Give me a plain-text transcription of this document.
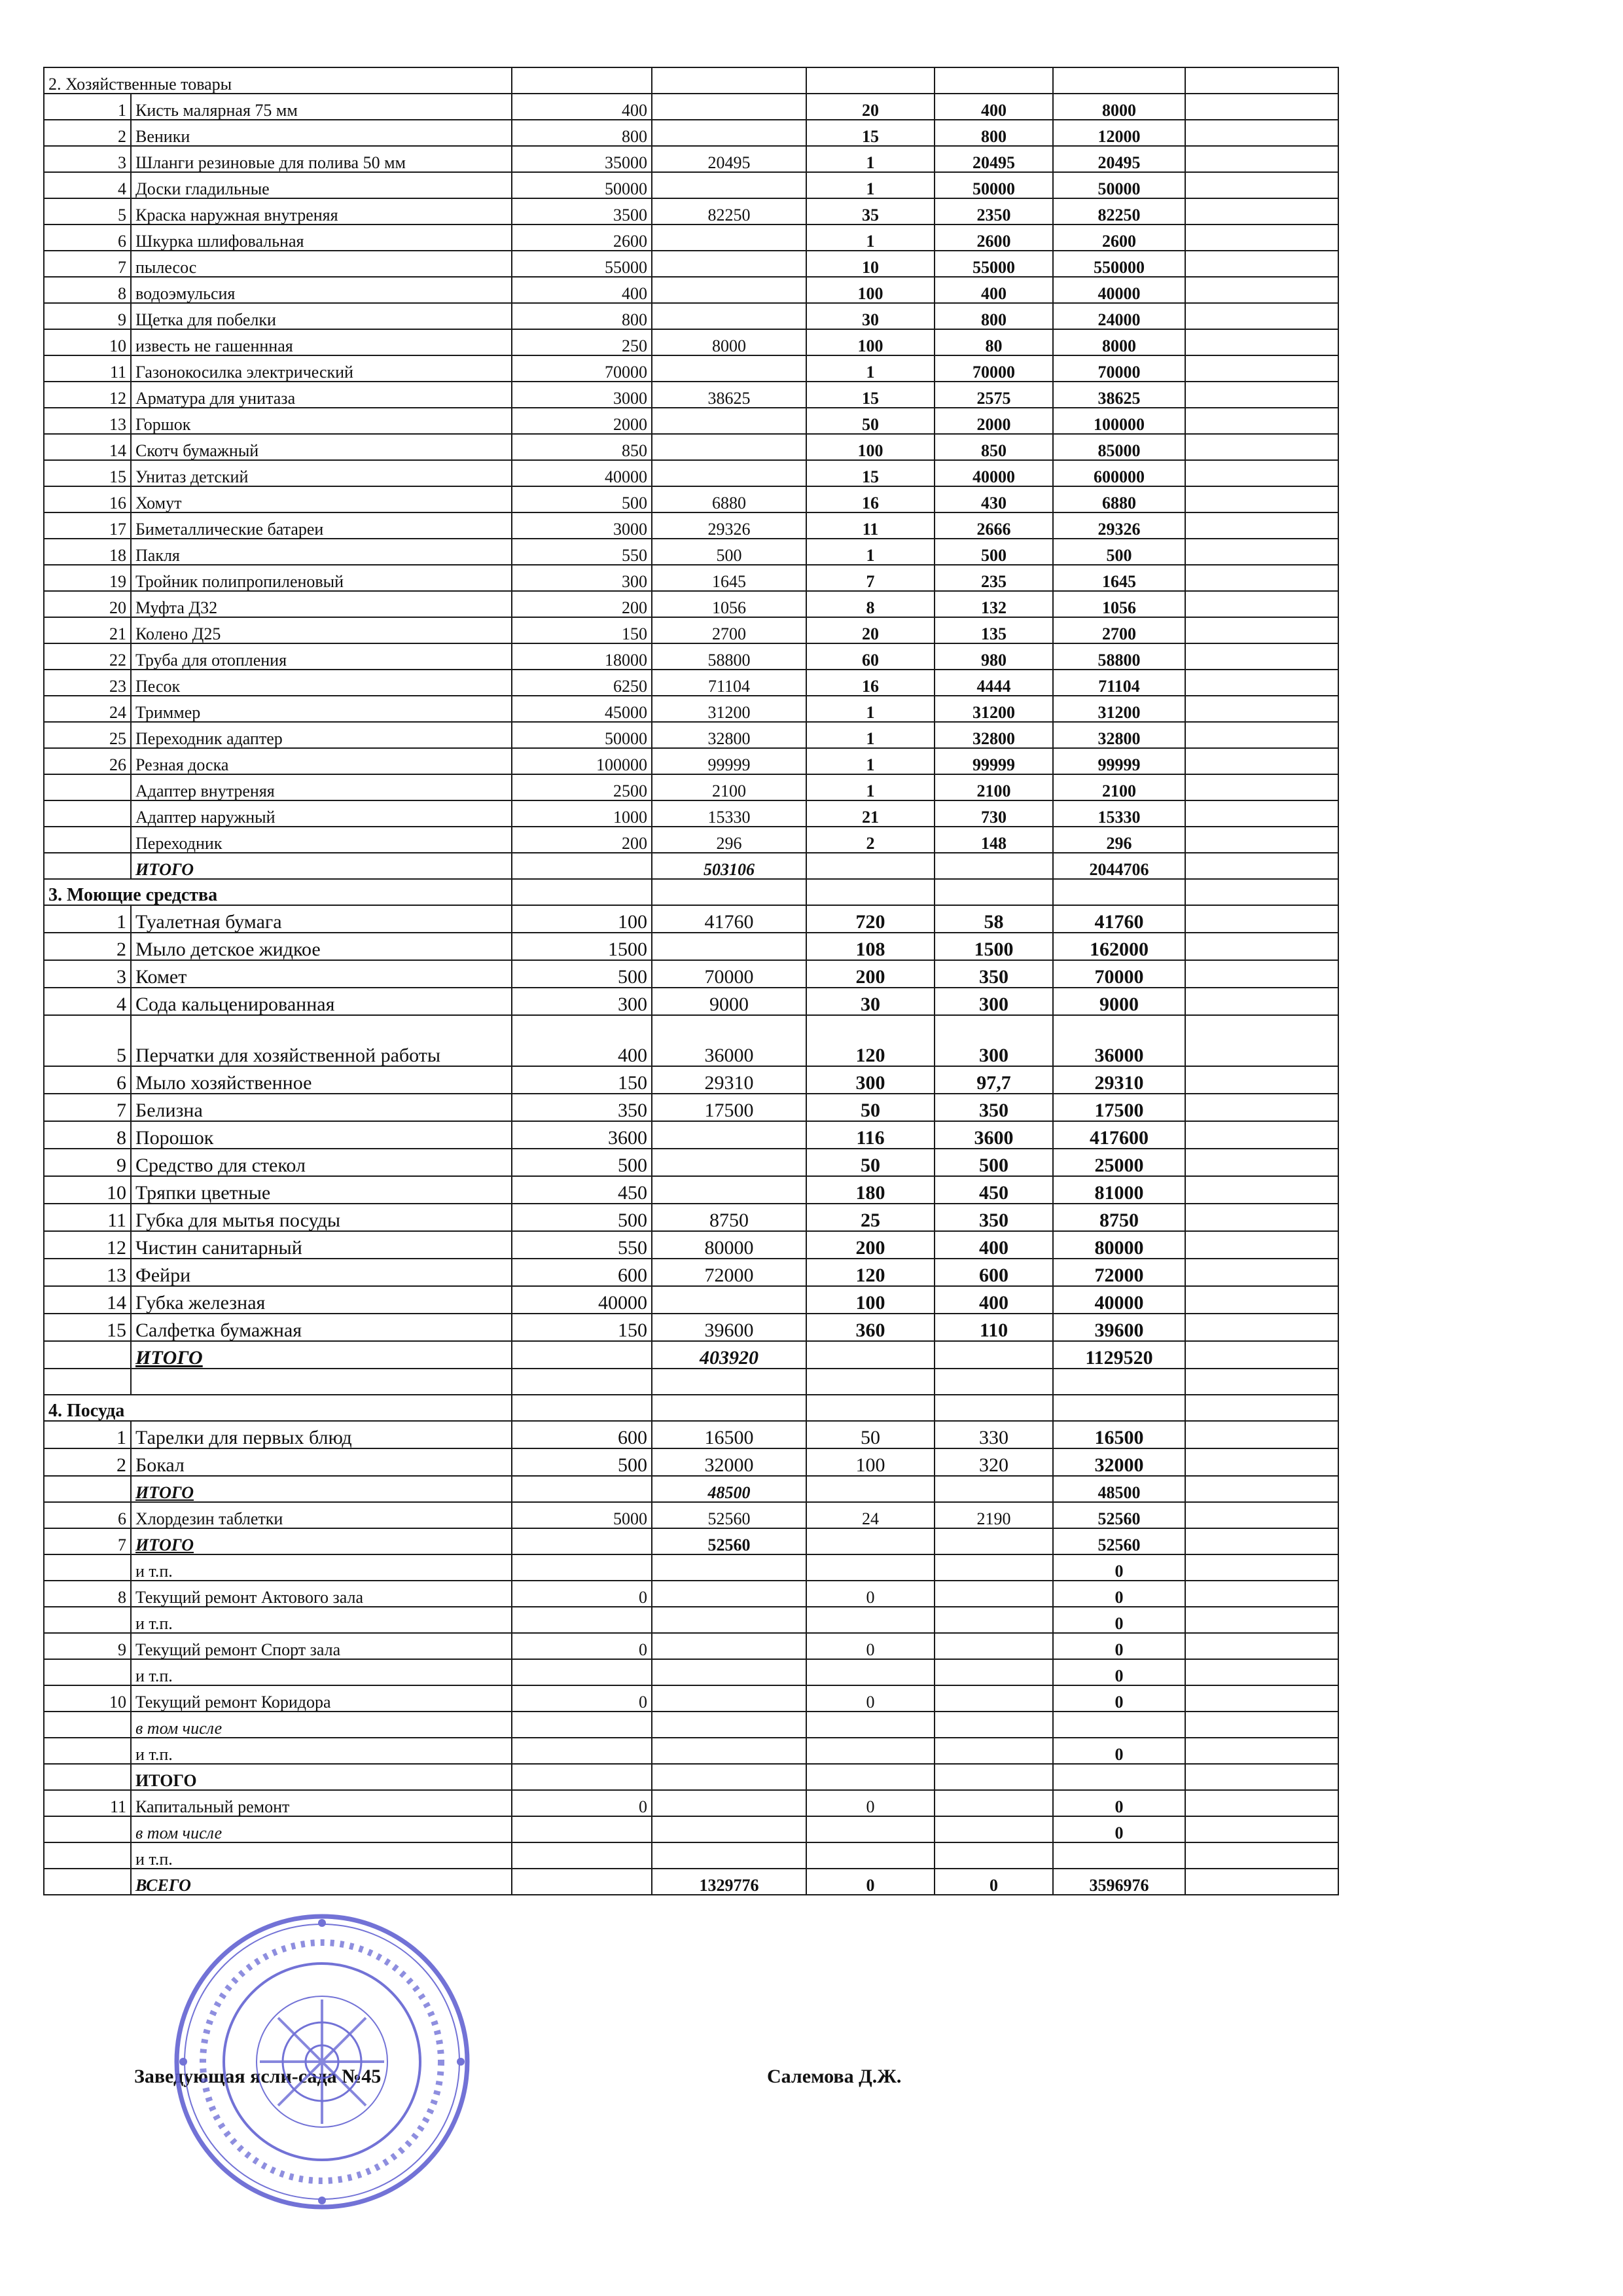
2. Хозяйственные товары							
1	Кисть малярная 75 мм	400		20	400	8000	
2	Веники	800		15	800	12000	
3	Шланги резиновые для полива 50 мм	35000	20495	1	20495	20495	
4	Доски гладильные	50000		1	50000	50000	
5	Краска наружная внутреняя	3500	82250	35	2350	82250	
6	Шкурка шлифовальная	2600		1	2600	2600	
7	пылесос	55000		10	55000	550000	
8	водоэмульсия	400		100	400	40000	
9	Щетка для побелки	800		30	800	24000	
10	известь не гашеннная	250	8000	100	80	8000	
11	Газонокосилка электрический	70000		1	70000	70000	
12	Арматура для унитаза	3000	38625	15	2575	38625	
13	Горшок	2000		50	2000	100000	
14	Скотч бумажный	850		100	850	85000	
15	Унитаз детский	40000		15	40000	600000	
16	Хомут	500	6880	16	430	6880	
17	Биметаллические батареи	3000	29326	11	2666	29326	
18	Пакля	550	500	1	500	500	
19	Тройник полипропиленовый	300	1645	7	235	1645	
20	Муфта Д32	200	1056	8	132	1056	
21	Колено Д25	150	2700	20	135	2700	
22	Труба для отопления	18000	58800	60	980	58800	
23	Песок	6250	71104	16	4444	71104	
24	Триммер	45000	31200	1	31200	31200	
25	Переходник адаптер	50000	32800	1	32800	32800	
26	Резная доска	100000	99999	1	99999	99999	
	Адаптер внутреняя	2500	2100	1	2100	2100	
	Адаптер наружный	1000	15330	21	730	15330	
	Переходник	200	296	2	148	296	
	ИТОГО		503106			2044706	
3. Моющие средства							
1	Туалетная бумага	100	41760	720	58	41760	
2	Мыло детское жидкое	1500		108	1500	162000	
3	Комет	500	70000	200	350	70000	
4	Сода кальценированная	300	9000	30	300	9000	
5	Перчатки для хозяйственной работы	400	36000	120	300	36000	
6	Мыло хозяйственное	150	29310	300	97,7	29310	
7	Белизна	350	17500	50	350	17500	
8	Порошок	3600		116	3600	417600	
9	Средство для стекол	500		50	500	25000	
10	Тряпки цветные	450		180	450	81000	
11	Губка для мытья посуды	500	8750	25	350	8750	
12	Чистин санитарный	550	80000	200	400	80000	
13	Фейри	600	72000	120	600	72000	
14	Губка железная	40000		100	400	40000	
15	Салфетка бумажная	150	39600	360	110	39600	
	ИТОГО		403920			1129520	

4. Посуда							
1	Тарелки для первых блюд	600	16500	50	330	16500	
2	Бокал	500	32000	100	320	32000	
	ИТОГО		48500			48500	
6	Хлордезин таблетки	5000	52560	24	2190	52560	
7	ИТОГО		52560			52560	
	и т.п.					0	
8	Текущий ремонт Актового зала	0		0		0	
	и т.п.					0	
9	Текущий ремонт Спорт зала	0		0		0	
	и т.п.					0	
10	Текущий ремонт Коридора	0		0		0	
	в том числе						
	и т.п.					0	
	ИТОГО						
11	Капитальный ремонт	0		0		0	
	в том числе					0	
	и т.п.						
	ВСЕГО		1329776	0	0	3596976	
Заведующая ясли-сада №45	Салемова Д.Ж.
